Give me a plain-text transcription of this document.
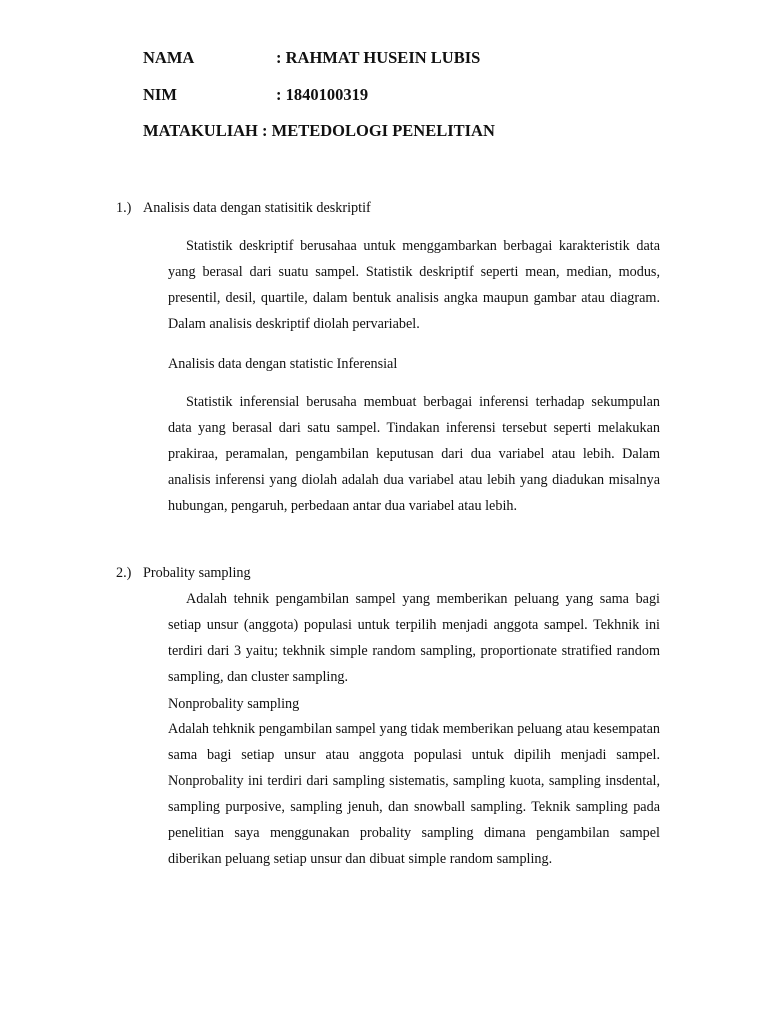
NAMA	: RAHMAT HUSEIN LUBIS
NIM	: 1840100319
MATAKULIAH : METEDOLOGI PENELITIAN
1.) Analisis data dengan statisitik deskriptif

Statistik deskriptif berusahaa untuk menggambarkan berbagai karakteristik data yang berasal dari suatu sampel. Statistik deskriptif seperti mean, median, modus, presentil, desil, quartile, dalam bentuk analisis angka maupun gambar atau diagram. Dalam analisis deskriptif diolah pervariabel.

Analisis data dengan statistic Inferensial

Statistik inferensial berusaha membuat berbagai inferensi terhadap sekumpulan data yang berasal dari satu sampel. Tindakan inferensi tersebut seperti melakukan prakiraa, peramalan, pengambilan keputusan dari dua variabel atau lebih. Dalam analisis inferensi yang diolah adalah dua variabel atau lebih yang diadukan misalnya hubungan, pengaruh, perbedaan antar dua variabel atau lebih.

2.) Probality sampling

Adalah tehnik pengambilan sampel yang memberikan peluang yang sama bagi setiap unsur (anggota) populasi untuk terpilih menjadi anggota sampel. Tekhnik ini terdiri dari 3 yaitu; tekhnik simple random sampling, proportionate stratified random sampling, dan cluster sampling.

Nonprobality sampling

Adalah tehknik pengambilan sampel yang tidak memberikan peluang atau kesempatan sama bagi setiap unsur atau anggota populasi untuk dipilih menjadi sampel. Nonprobality ini terdiri dari sampling sistematis, sampling kuota, sampling insdental, sampling purposive, sampling jenuh, dan snowball sampling. Teknik sampling pada penelitian saya menggunakan probality sampling dimana pengambilan sampel diberikan peluang setiap unsur dan dibuat simple random sampling.
